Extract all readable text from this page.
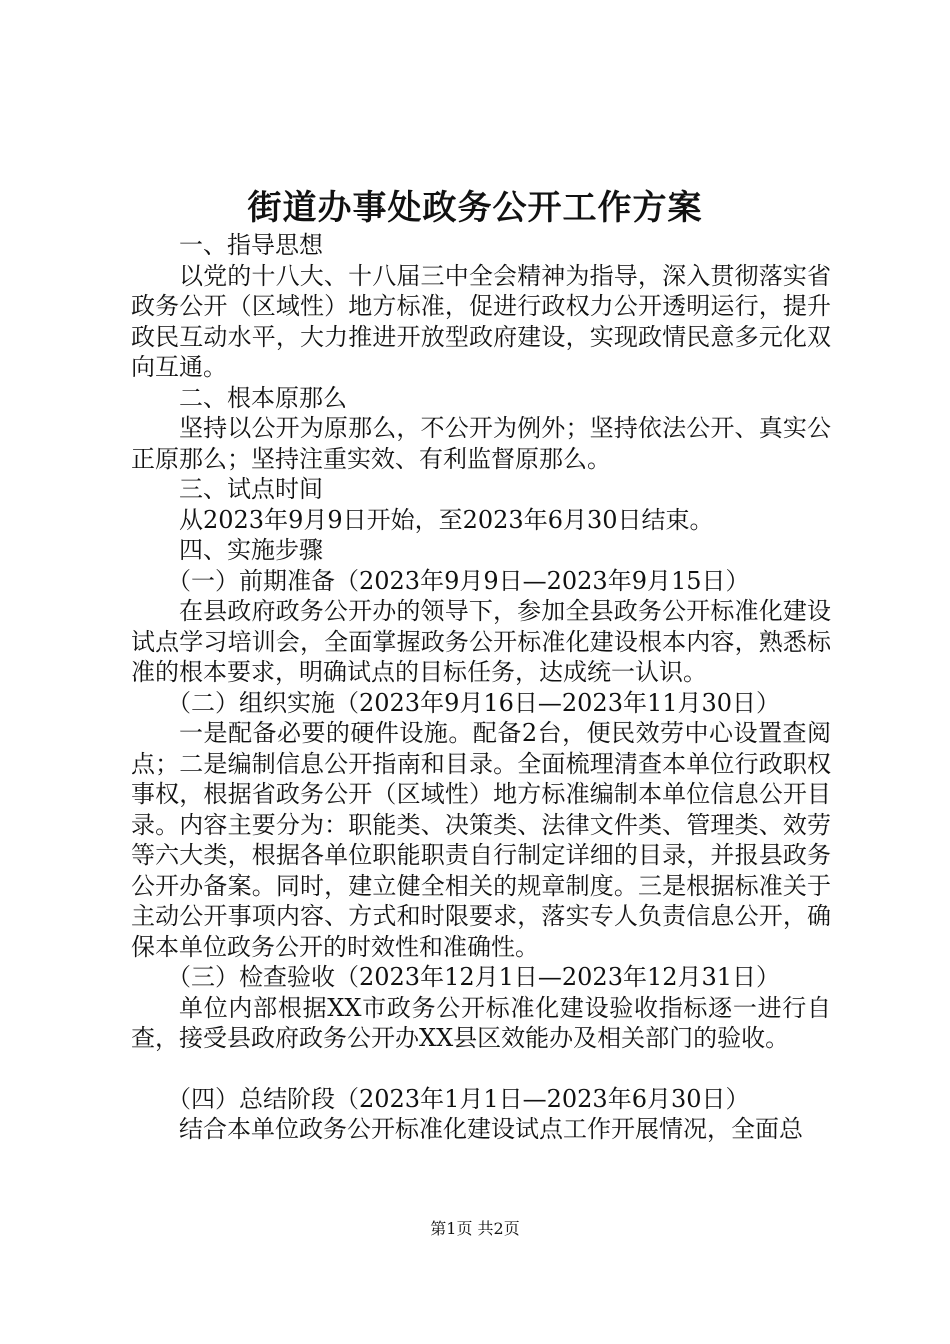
街道办事处政务公开工作方案

一、指导思想

以党的十八大、十八届三中全会精神为指导，深入贯彻落实省政务公开（区域性）地方标准，促进行政权力公开透明运行，提升政民互动水平，大力推进开放型政府建设，实现政情民意多元化双向互通。

二、根本原那么

坚持以公开为原那么，不公开为例外；坚持依法公开、真实公正原那么；坚持注重实效、有利监督原那么。

三、试点时间

从2023年9月9日开始，至2023年6月30日结束。

四、实施步骤

（一）前期准备（2023年9月9日—2023年9月15日）

在县政府政务公开办的领导下，参加全县政务公开标准化建设试点学习培训会，全面掌握政务公开标准化建设根本内容，熟悉标准的根本要求，明确试点的目标任务，达成统一认识。

（二）组织实施（2023年9月16日—2023年11月30日）

一是配备必要的硬件设施。配备2台，便民效劳中心设置查阅点；二是编制信息公开指南和目录。全面梳理清查本单位行政职权事权，根据省政务公开（区域性）地方标准编制本单位信息公开目录。内容主要分为：职能类、决策类、法律文件类、管理类、效劳等六大类，根据各单位职能职责自行制定详细的目录，并报县政务公开办备案。同时，建立健全相关的规章制度。三是根据标准关于主动公开事项内容、方式和时限要求，落实专人负责信息公开，确保本单位政务公开的时效性和准确性。

（三）检查验收（2023年12月1日—2023年12月31日）

单位内部根据XX市政务公开标准化建设验收指标逐一进行自查，接受县政府政务公开办XX县区效能办及相关部门的验收。

（四）总结阶段（2023年1月1日—2023年6月30日）

结合本单位政务公开标准化建设试点工作开展情况，全面总

第1页 共2页
